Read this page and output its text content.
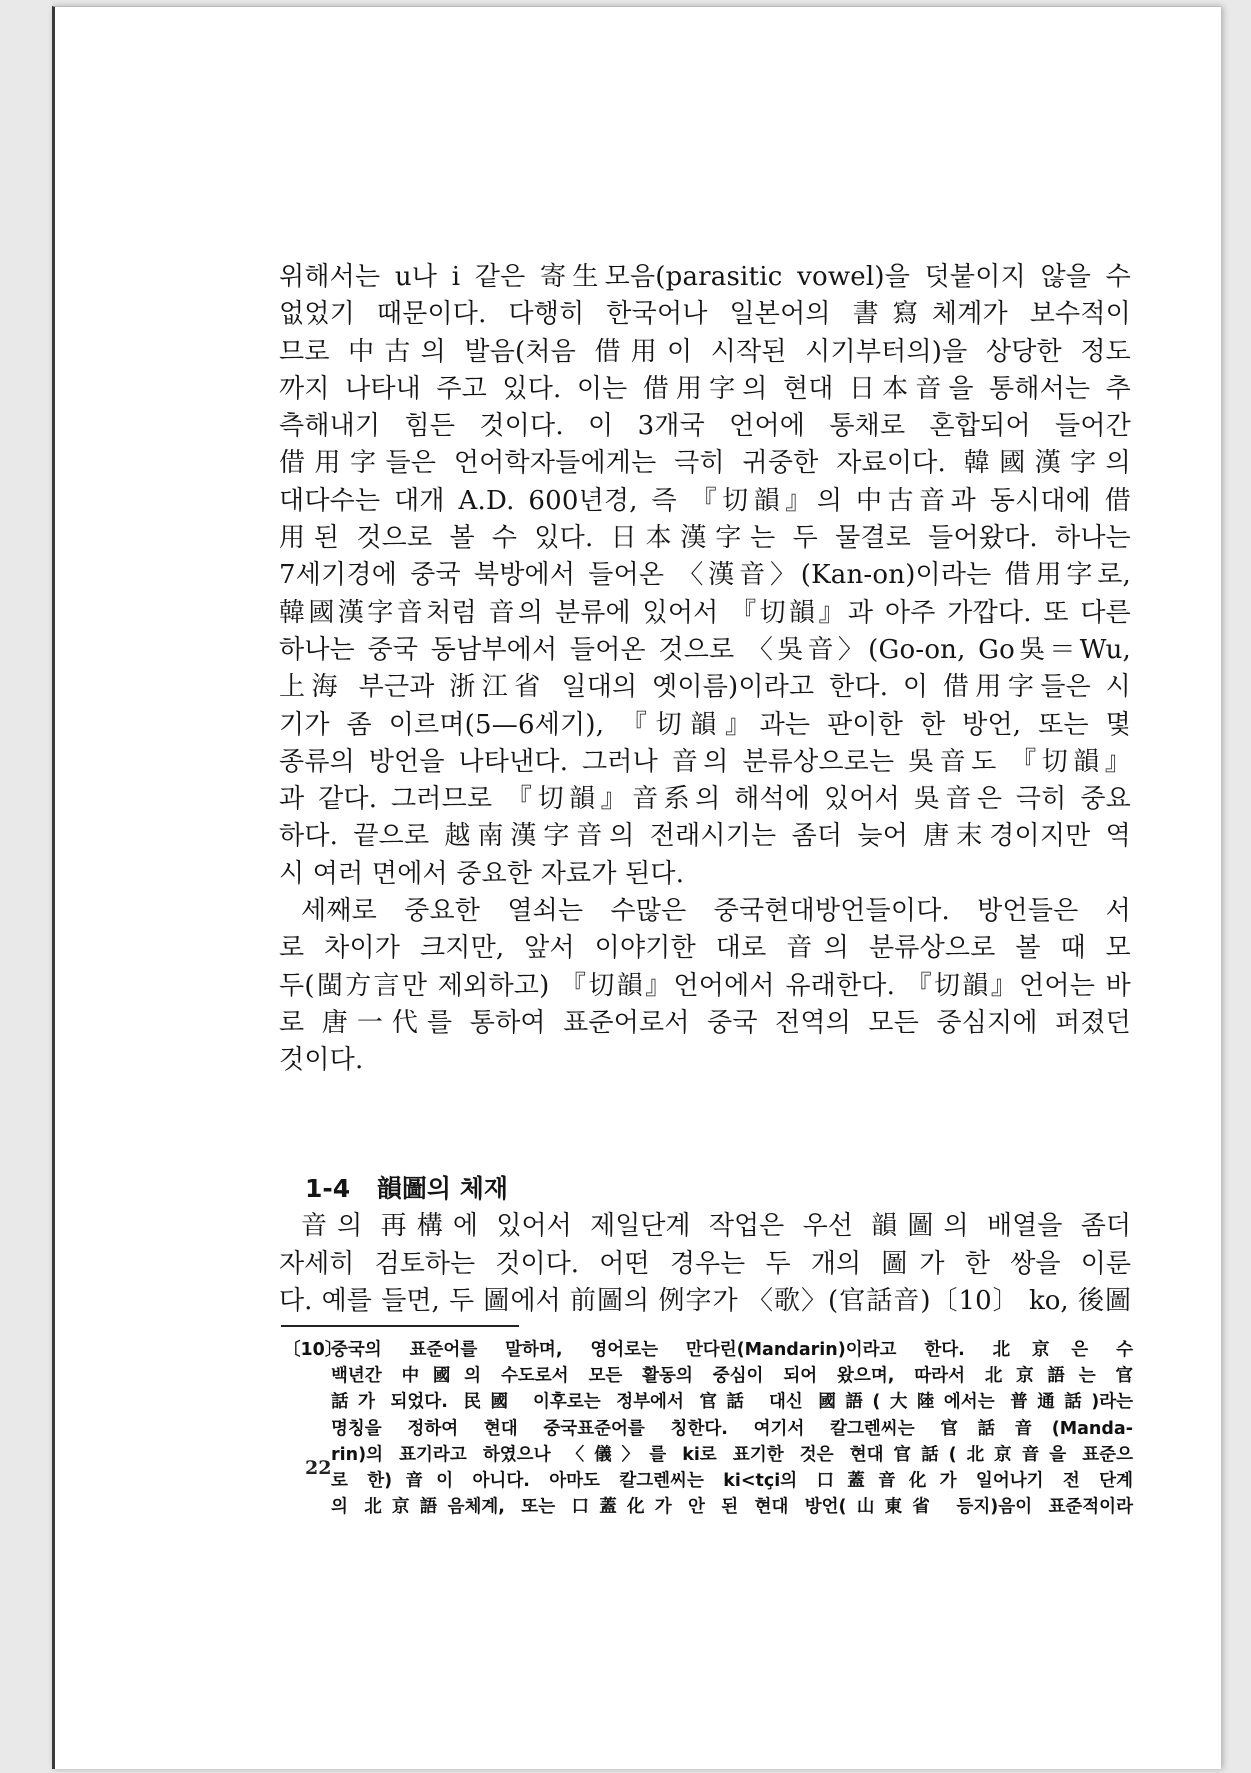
위해서는 u나 i 같은 寄生모음(parasitic vowel)을 덧붙이지 않을 수
없었기 때문이다. 다행히 한국어나 일본어의 書寫체계가 보수적이
므로 中古의 발음(처음 借用이 시작된 시기부터의)을 상당한 정도
까지 나타내 주고 있다. 이는 借用字의 현대 日本音을 통해서는 추
측해내기 힘든 것이다. 이 3개국 언어에 통채로 혼합되어 들어간
借用字들은 언어학자들에게는 극히 귀중한 자료이다. 韓國漢字의
대다수는 대개 A.D. 600년경, 즉 『切韻』의 中古音과 동시대에 借
用된 것으로 볼 수 있다. 日本漢字는 두 물결로 들어왔다. 하나는
7세기경에 중국 북방에서 들어온 〈漢音〉(Kan-on)이라는 借用字로,
韓國漢字音처럼 音의 분류에 있어서 『切韻』과 아주 가깝다. 또 다른
하나는 중국 동남부에서 들어온 것으로 〈吳音〉(Go-on, Go吳＝Wu,
上海 부근과 浙江省 일대의 옛이름)이라고 한다. 이 借用字들은 시
기가 좀 이르며(5—6세기), 『切韻』과는 판이한 한 방언, 또는 몇
종류의 방언을 나타낸다. 그러나 音의 분류상으로는 吳音도 『切韻』
과 같다. 그러므로 『切韻』音系의 해석에 있어서 吳音은 극히 중요
하다. 끝으로 越南漢字音의 전래시기는 좀더 늦어 唐末경이지만 역
시 여러 면에서 중요한 자료가 된다.

세째로 중요한 열쇠는 수많은 중국현대방언들이다. 방언들은 서
로 차이가 크지만, 앞서 이야기한 대로 音의 분류상으로 볼 때 모
두(閩方言만 제외하고) 『切韻』언어에서 유래한다. 『切韻』언어는 바
로 唐一代를 통하여 표준어로서 중국 전역의 모든 중심지에 퍼졌던
것이다.

1-4 韻圖의 체재
音의 再構에 있어서 제일단계 작업은 우선 韻圖의 배열을 좀더
자세히 검토하는 것이다. 어떤 경우는 두 개의 圖가 한 쌍을 이룬
다. 예를 들면, 두 圖에서 前圖의 例字가 〈歌〉(官話音)〔10〕 ko, 後圖
〔10〕중국의 표준어를 말하며, 영어로는 만다린(Mandarin)이라고 한다. 北京은 수
백년간 中國의 수도로서 모든 활동의 중심이 되어 왔으며, 따라서 北京語는 官
話가 되었다. 民國 이후로는 정부에서 官話 대신 國語(大陸에서는 普通話)라는
명칭을 정하여 현대 중국표준어를 칭한다. 여기서 칼그렌씨는 官話音(Manda-
rin)의 표기라고 하였으나 〈儀〉를 ki로 표기한 것은 현대官話(北京音을 표준으
로 한)音이 아니다. 아마도 칼그렌씨는 ki<tçi의 口蓋音化가 일어나기 전 단계
의 北京語음체계, 또는 口蓋化가 안 된 현대 방언(山東省 등지)음이 표준적이라
22
